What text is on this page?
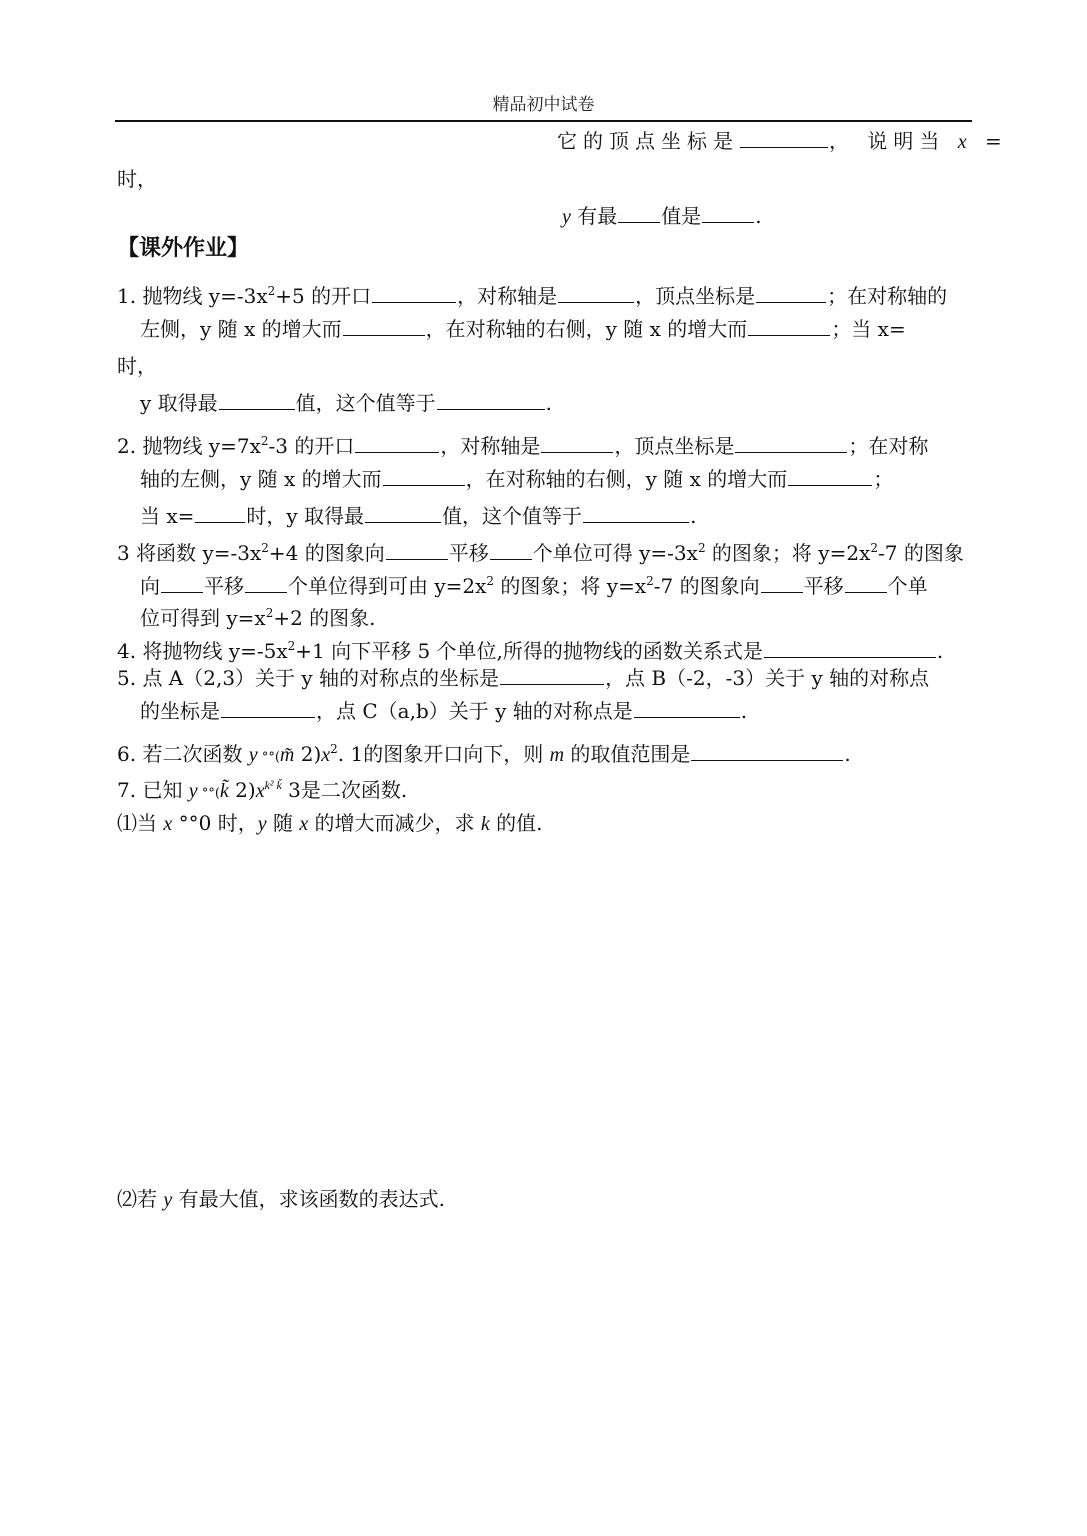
精品初中试卷
它的顶点坐标是	， 说明当 x =
时，
y 有最 值是	.
【课外作业】
1. 抛物线 $y=-3x^2+5$ 的开口	，对称轴是	，顶点坐标是	；在对称轴的
左侧，y 随 x 的增大而	，在对称轴的右侧，y 随 x 的增大而	；当 x=
时，
y 取得最	值，这个值等于	.
2. 抛物线 $y=7x^2-3$ 的开口	，对称轴是	，顶点坐标是	；在对称
轴的左侧，y 随 x 的增大而	，在对称轴的右侧，y 随 x 的增大而	；
当 x=	时，y 取得最	值，这个值等于	.
3 将函数 $y=-3x^2+4$ 的图象向	平移 个单位可得 $y=-3x^2$ 的图象；将 $y=2x^2-7$ 的图象
向 平移 个单位得到可由 $y=2x^2$ 的图象；将 $y=x^2-7$ 的图象向 平移 个单
位可得到 $y=x^2+2$ 的图象.
4. 将抛物线 $y=-5x^2+1$ 向下平移 5 个单位,所得的抛物线的函数关系式是	.
5. 点 A（2,3）关于 y 轴的对称点的坐标是	，点 B（-2，-3）关于 y 轴的对称点
的坐标是	，点 C（a,b）关于 y 轴的对称点是	.
6. 若二次函数 y °°(m̃ $2)x^2$. 1的图象开口向下，则 m 的取值范围是	.
7. 已知 y °°(k̃ $2)x^{k^2 ǩ}$ 3是二次函数.
⑴当 x °°0 时，y 随 x 的增大而减少，求 k 的值.
⑵若 y 有最大值，求该函数的表达式.
